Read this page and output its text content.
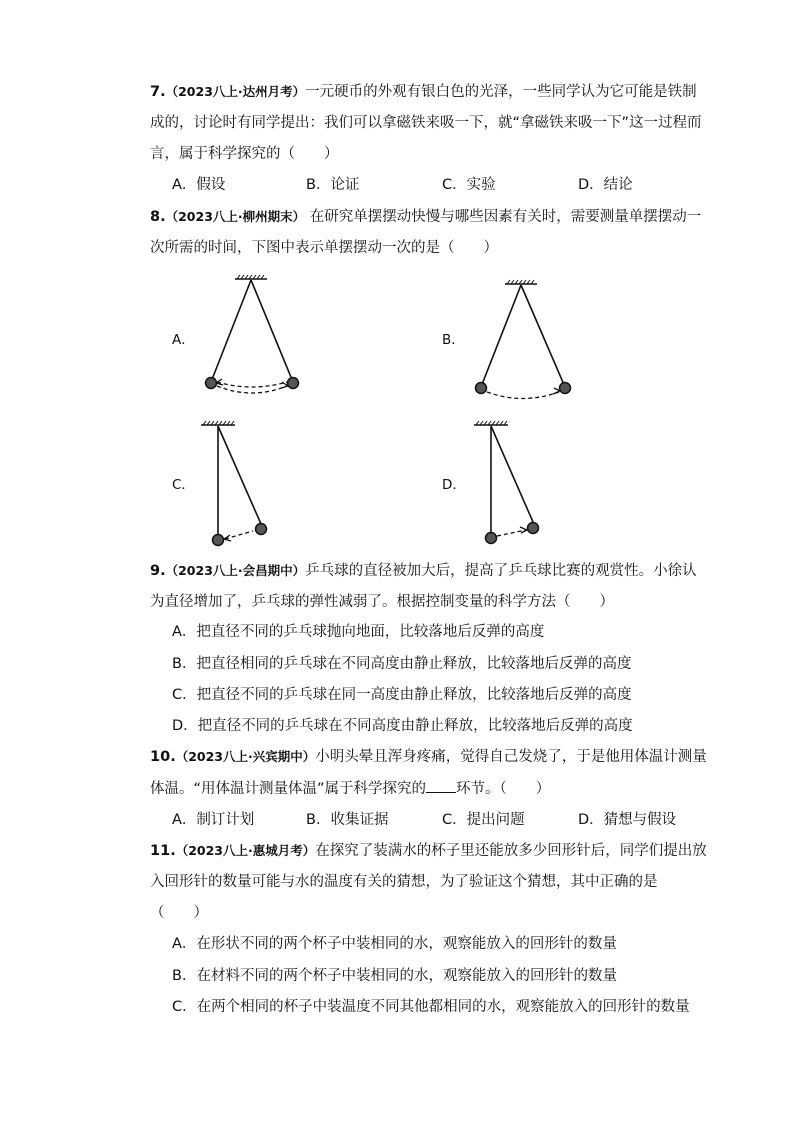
7.（2023八上·达州月考）一元硬币的外观有银白色的光泽，一些同学认为它可能是铁制
成的，讨论时有同学提出：我们可以拿磁铁来吸一下，就“拿磁铁来吸一下”这一过程而
言，属于科学探究的（　　）
A．假设	B．论证	C．实验	D．结论
8.（2023八上·柳州期末） 在研究单摆摆动快慢与哪些因素有关时，需要测量单摆摆动一
次所需的时间，下图中表示单摆摆动一次的是（　　）
A．	B．
C．	D．
9.（2023八上·会昌期中）乒乓球的直径被加大后，提高了乒乓球比赛的观赏性。小徐认
为直径增加了，乒乓球的弹性减弱了。根据控制变量的科学方法（　　）
A．把直径不同的乒乓球抛向地面，比较落地后反弹的高度
B．把直径相同的乒乓球在不同高度由静止释放，比较落地后反弹的高度
C．把直径不同的乒乓球在同一高度由静止释放，比较落地后反弹的高度
D．把直径不同的乒乓球在不同高度由静止释放，比较落地后反弹的高度
10.（2023八上·兴宾期中）小明头晕且浑身疼痛，觉得自己发烧了，于是他用体温计测量
体温。“用体温计测量体温”属于科学探究的 环节。（　　）
A．制订计划	B．收集证据	C．提出问题	D．猜想与假设
11.（2023八上·惠城月考）在探究了装满水的杯子里还能放多少回形针后，同学们提出放
入回形针的数量可能与水的温度有关的猜想，为了验证这个猜想，其中正确的是
（　　）
A．在形状不同的两个杯子中装相同的水，观察能放入的回形针的数量
B．在材料不同的两个杯子中装相同的水，观察能放入的回形针的数量
C．在两个相同的杯子中装温度不同其他都相同的水，观察能放入的回形针的数量
